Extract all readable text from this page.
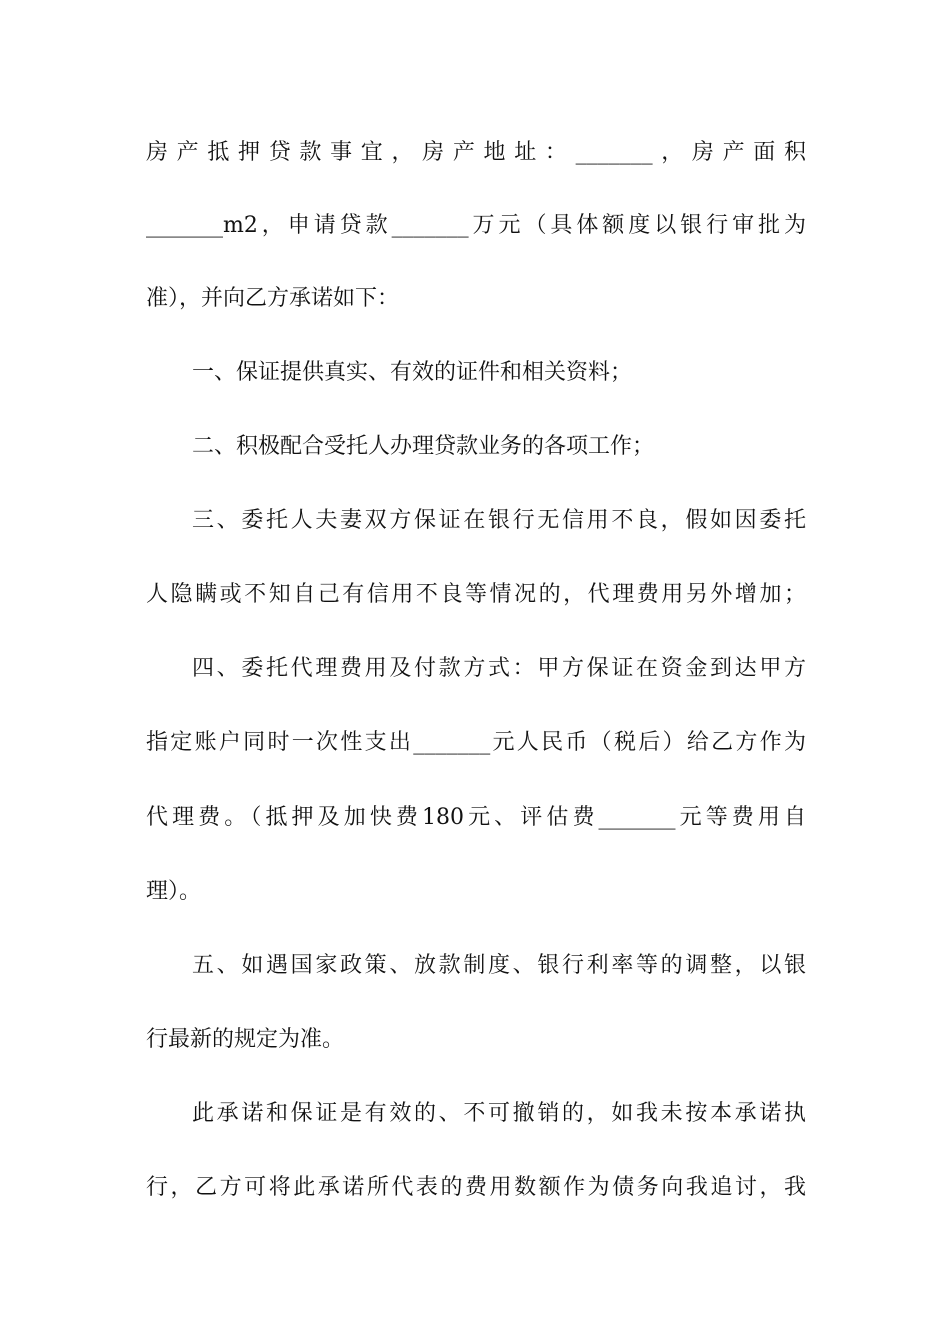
房产抵押贷款事宜，房产地址：_______，房产面积
_______m2，申请贷款_______万元（具体额度以银行审批为
准），并向乙方承诺如下：
一、保证提供真实、有效的证件和相关资料；
二、积极配合受托人办理贷款业务的各项工作；
三、委托人夫妻双方保证在银行无信用不良，假如因委托
人隐瞒或不知自己有信用不良等情况的，代理费用另外增加；
四、委托代理费用及付款方式：甲方保证在资金到达甲方
指定账户同时一次性支出_______元人民币（税后）给乙方作为
代理费。（抵押及加快费180元、评估费_______元等费用自
理）。
五、如遇国家政策、放款制度、银行利率等的调整，以银
行最新的规定为准。
此承诺和保证是有效的、不可撤销的，如我未按本承诺执
行，乙方可将此承诺所代表的费用数额作为债务向我追讨，我
